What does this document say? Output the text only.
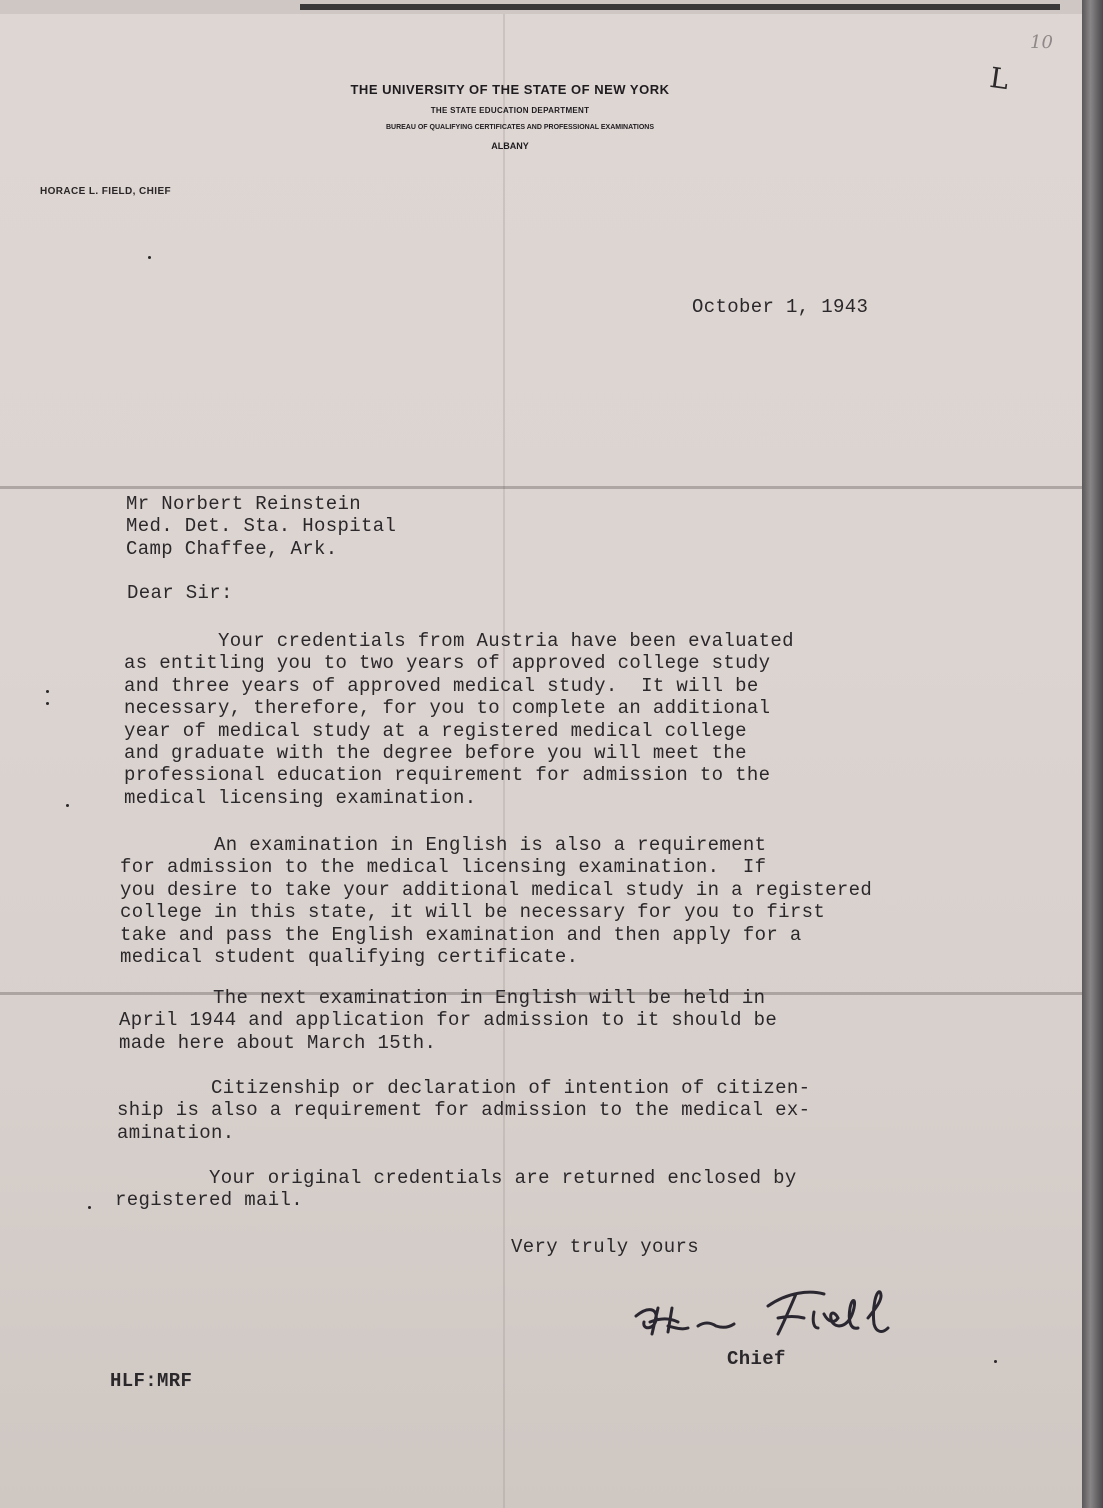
THE UNIVERSITY OF THE STATE OF NEW YORK
THE STATE EDUCATION DEPARTMENT
BUREAU OF QUALIFYING CERTIFICATES AND PROFESSIONAL EXAMINATIONS
ALBANY
HORACE L. FIELD, CHIEF
L
10
October 1, 1943
Mr Norbert Reinstein
Med. Det. Sta. Hospital
Camp Chaffee, Ark.
Dear Sir:
Your credentials from Austria have been evaluated
as entitling you to two years of approved college study
and three years of approved medical study.  It will be
necessary, therefore, for you to complete an additional
year of medical study at a registered medical college
and graduate with the degree before you will meet the
professional education requirement for admission to the
medical licensing examination.
An examination in English is also a requirement
for admission to the medical licensing examination.  If
you desire to take your additional medical study in a registered
college in this state, it will be necessary for you to first
take and pass the English examination and then apply for a
medical student qualifying certificate.
The next examination in English will be held in
April 1944 and application for admission to it should be
made here about March 15th.
Citizenship or declaration of intention of citizen-
ship is also a requirement for admission to the medical ex-
amination.
Your original credentials are returned enclosed by
registered mail.
Very truly yours
Chief
HLF:MRF
